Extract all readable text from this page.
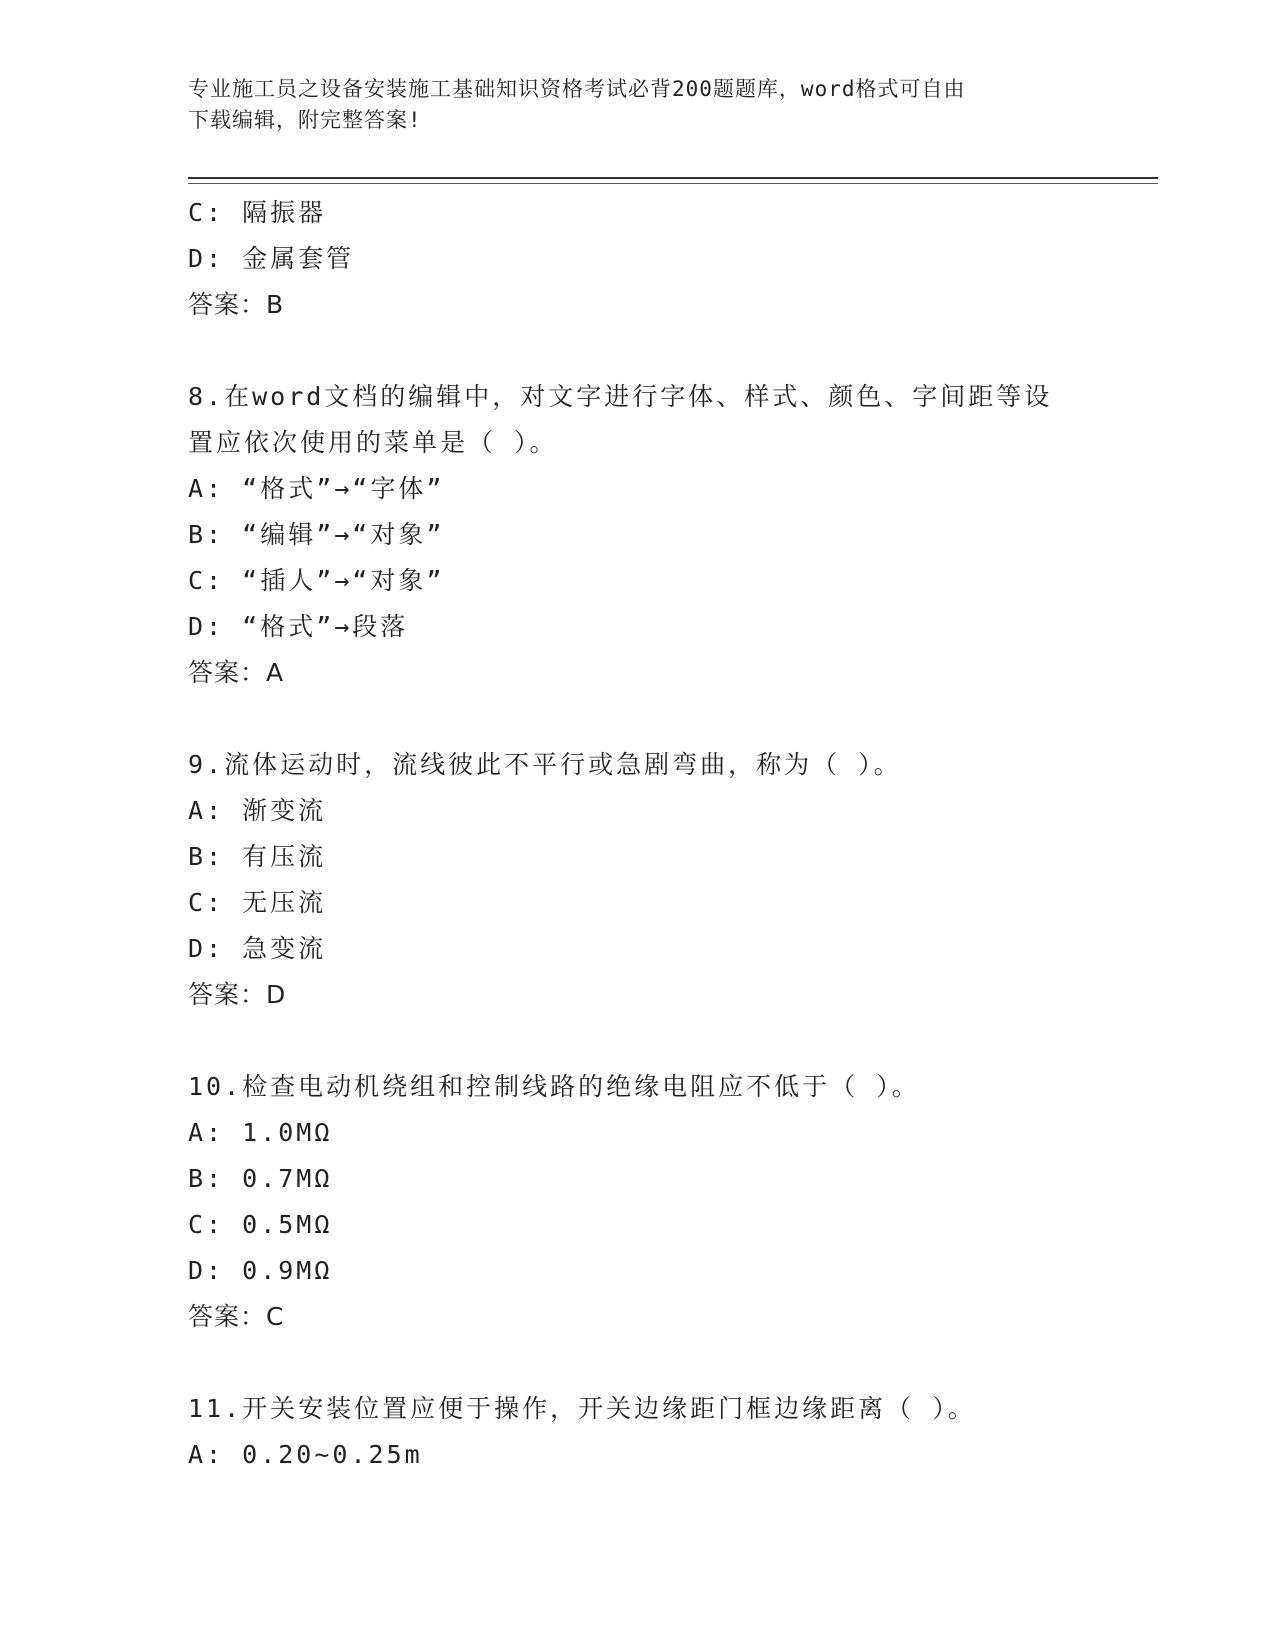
专业施工员之设备安装施工基础知识资格考试必背200题题库，word格式可自由
下载编辑，附完整答案!
C: 隔振器
D: 金属套管
答案：B
8.在word文档的编辑中，对文字进行字体、样式、颜色、字间距等设
置应依次使用的菜单是（ ）。
A: “格式”→“字体”
B: “编辑”→“对象”
C: “插人”→“对象”
D: “格式”→段落
答案：A
9.流体运动时，流线彼此不平行或急剧弯曲，称为（ ）。
A: 渐变流
B: 有压流
C: 无压流
D: 急变流
答案：D
10.检查电动机绕组和控制线路的绝缘电阻应不低于（ ）。
A: 1.0MΩ
B: 0.7MΩ
C: 0.5MΩ
D: 0.9MΩ
答案：C
11.开关安装位置应便于操作，开关边缘距门框边缘距离（ ）。
A: 0.20~0.25m
